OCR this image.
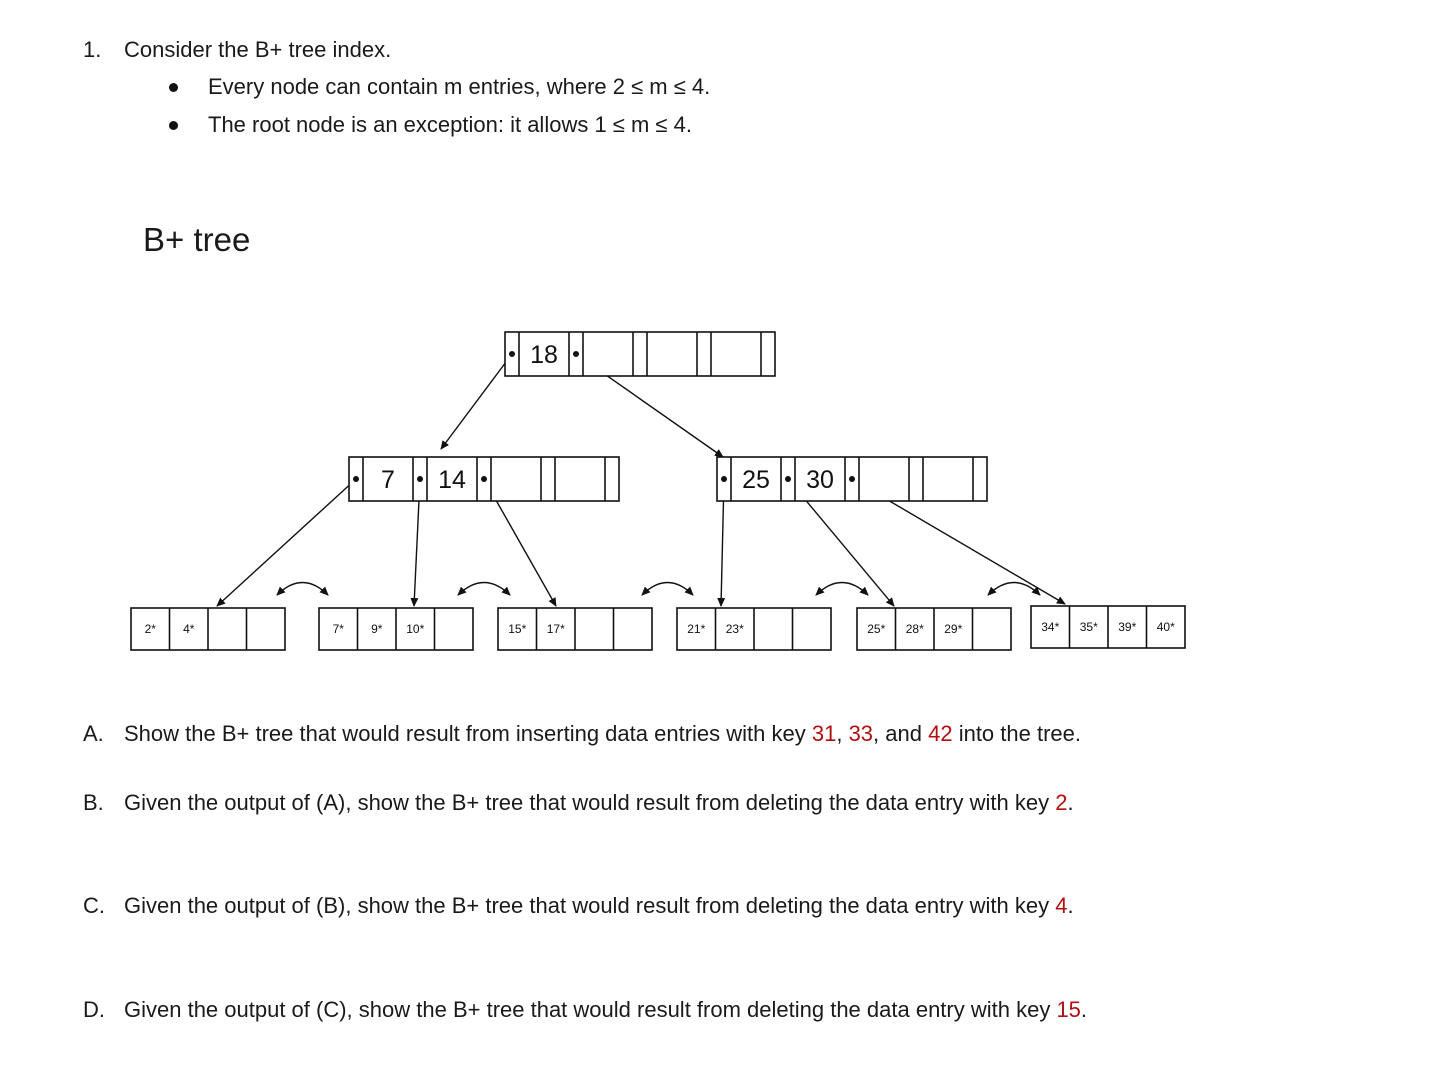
1. Consider the B+ tree index.
Every node can contain m entries, where 2 ≤ m ≤ 4.
The root node is an exception: it allows 1 ≤ m ≤ 4.
B+ tree
18
7 14	25 30
2* 4*	7* 9* 10*	15* 17*	21* 23*	25* 28* 29*	34* 35* 39* 40*
A. Show the B+ tree that would result from inserting data entries with key 31, 33, and 42 into the tree.
B. Given the output of (A), show the B+ tree that would result from deleting the data entry with key 2.
C. Given the output of (B), show the B+ tree that would result from deleting the data entry with key 4.
D. Given the output of (C), show the B+ tree that would result from deleting the data entry with key 15.
